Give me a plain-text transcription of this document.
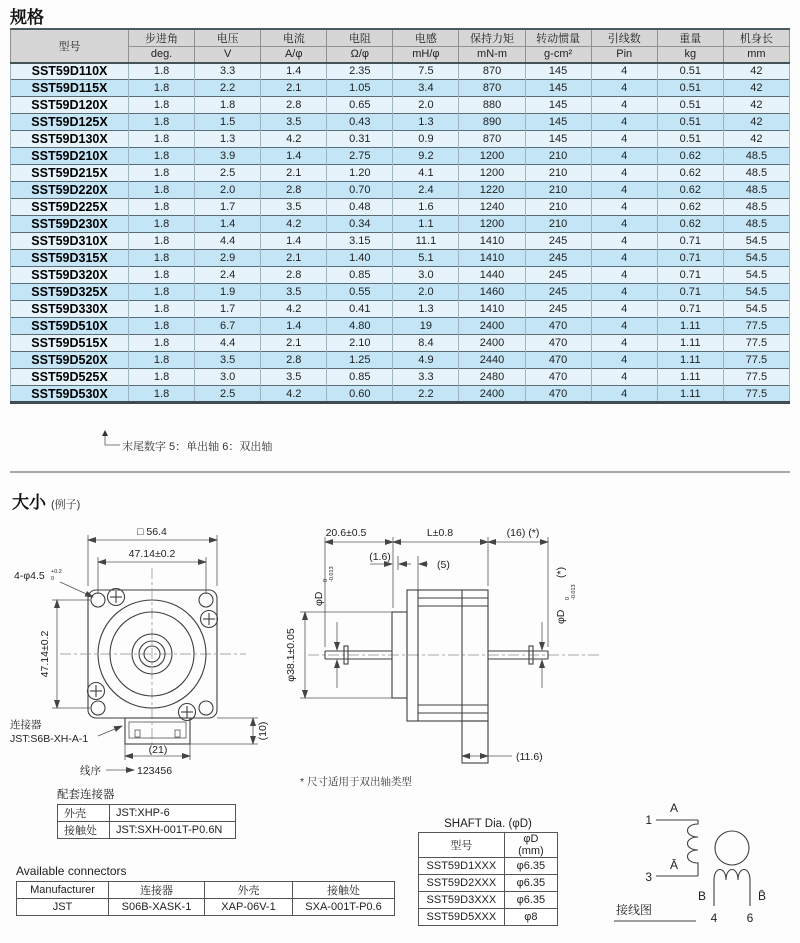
规格
型号	步进角	电压	电流	电阻	电感	保持力矩	转动惯量	引线数	重量	机身长
	deg.	V	A/φ	Ω/φ	mH/φ	mN-m	g-cm²	Pin	kg	mm
SST59D110X	1.8	3.3	1.4	2.35	7.5	870	145	4	0.51	42
SST59D115X	1.8	2.2	2.1	1.05	3.4	870	145	4	0.51	42
SST59D120X	1.8	1.8	2.8	0.65	2.0	880	145	4	0.51	42
SST59D125X	1.8	1.5	3.5	0.43	1.3	890	145	4	0.51	42
SST59D130X	1.8	1.3	4.2	0.31	0.9	870	145	4	0.51	42
SST59D210X	1.8	3.9	1.4	2.75	9.2	1200	210	4	0.62	48.5
SST59D215X	1.8	2.5	2.1	1.20	4.1	1200	210	4	0.62	48.5
SST59D220X	1.8	2.0	2.8	0.70	2.4	1220	210	4	0.62	48.5
SST59D225X	1.8	1.7	3.5	0.48	1.6	1240	210	4	0.62	48.5
SST59D230X	1.8	1.4	4.2	0.34	1.1	1200	210	4	0.62	48.5
SST59D310X	1.8	4.4	1.4	3.15	11.1	1410	245	4	0.71	54.5
SST59D315X	1.8	2.9	2.1	1.40	5.1	1410	245	4	0.71	54.5
SST59D320X	1.8	2.4	2.8	0.85	3.0	1440	245	4	0.71	54.5
SST59D325X	1.8	1.9	3.5	0.55	2.0	1460	245	4	0.71	54.5
SST59D330X	1.8	1.7	4.2	0.41	1.3	1410	245	4	0.71	54.5
SST59D510X	1.8	6.7	1.4	4.80	19	2400	470	4	1.11	77.5
SST59D515X	1.8	4.4	2.1	2.10	8.4	2400	470	4	1.11	77.5
SST59D520X	1.8	3.5	2.8	1.25	4.9	2440	470	4	1.11	77.5
SST59D525X	1.8	3.0	3.5	0.85	3.3	2480	470	4	1.11	77.5
SST59D530X	1.8	2.5	4.2	0.60	2.2	2400	470	4	1.11	77.5
末尾数字 5：单出轴 6：双出轴
大小 (例子)
□ 56.4
47.14±0.2
47.14±0.2
4-φ4.5 +0.2
0
(21)
线序	123456
(10)
连接器
JST:S6B-XH-A-1
20.6±0.5	L±0.8	(16) (*)
(1.6)
(5)
(11.6)
φ38.1±0.05
φD
0 -0.013
φD
0 -0.013
(*)
* 尺寸适用于双出轴类型
配套连接器
外壳	JST:XHP-6
接触处	JST:SXH-001T-P0.6N
Available connectors
Manufacturer	连接器	外壳	接触处
JST	S06B-XASK-1	XAP-06V-1	SXA-001T-P0.6
SHAFT Dia. (φD)
型号	φD (mm)
SST59D1XXX	φ6.35
SST59D2XXX	φ6.35
SST59D3XXX	φ6.35
SST59D5XXX	φ8
1
A
3
Ā
B	B̄
4 6
接线图
